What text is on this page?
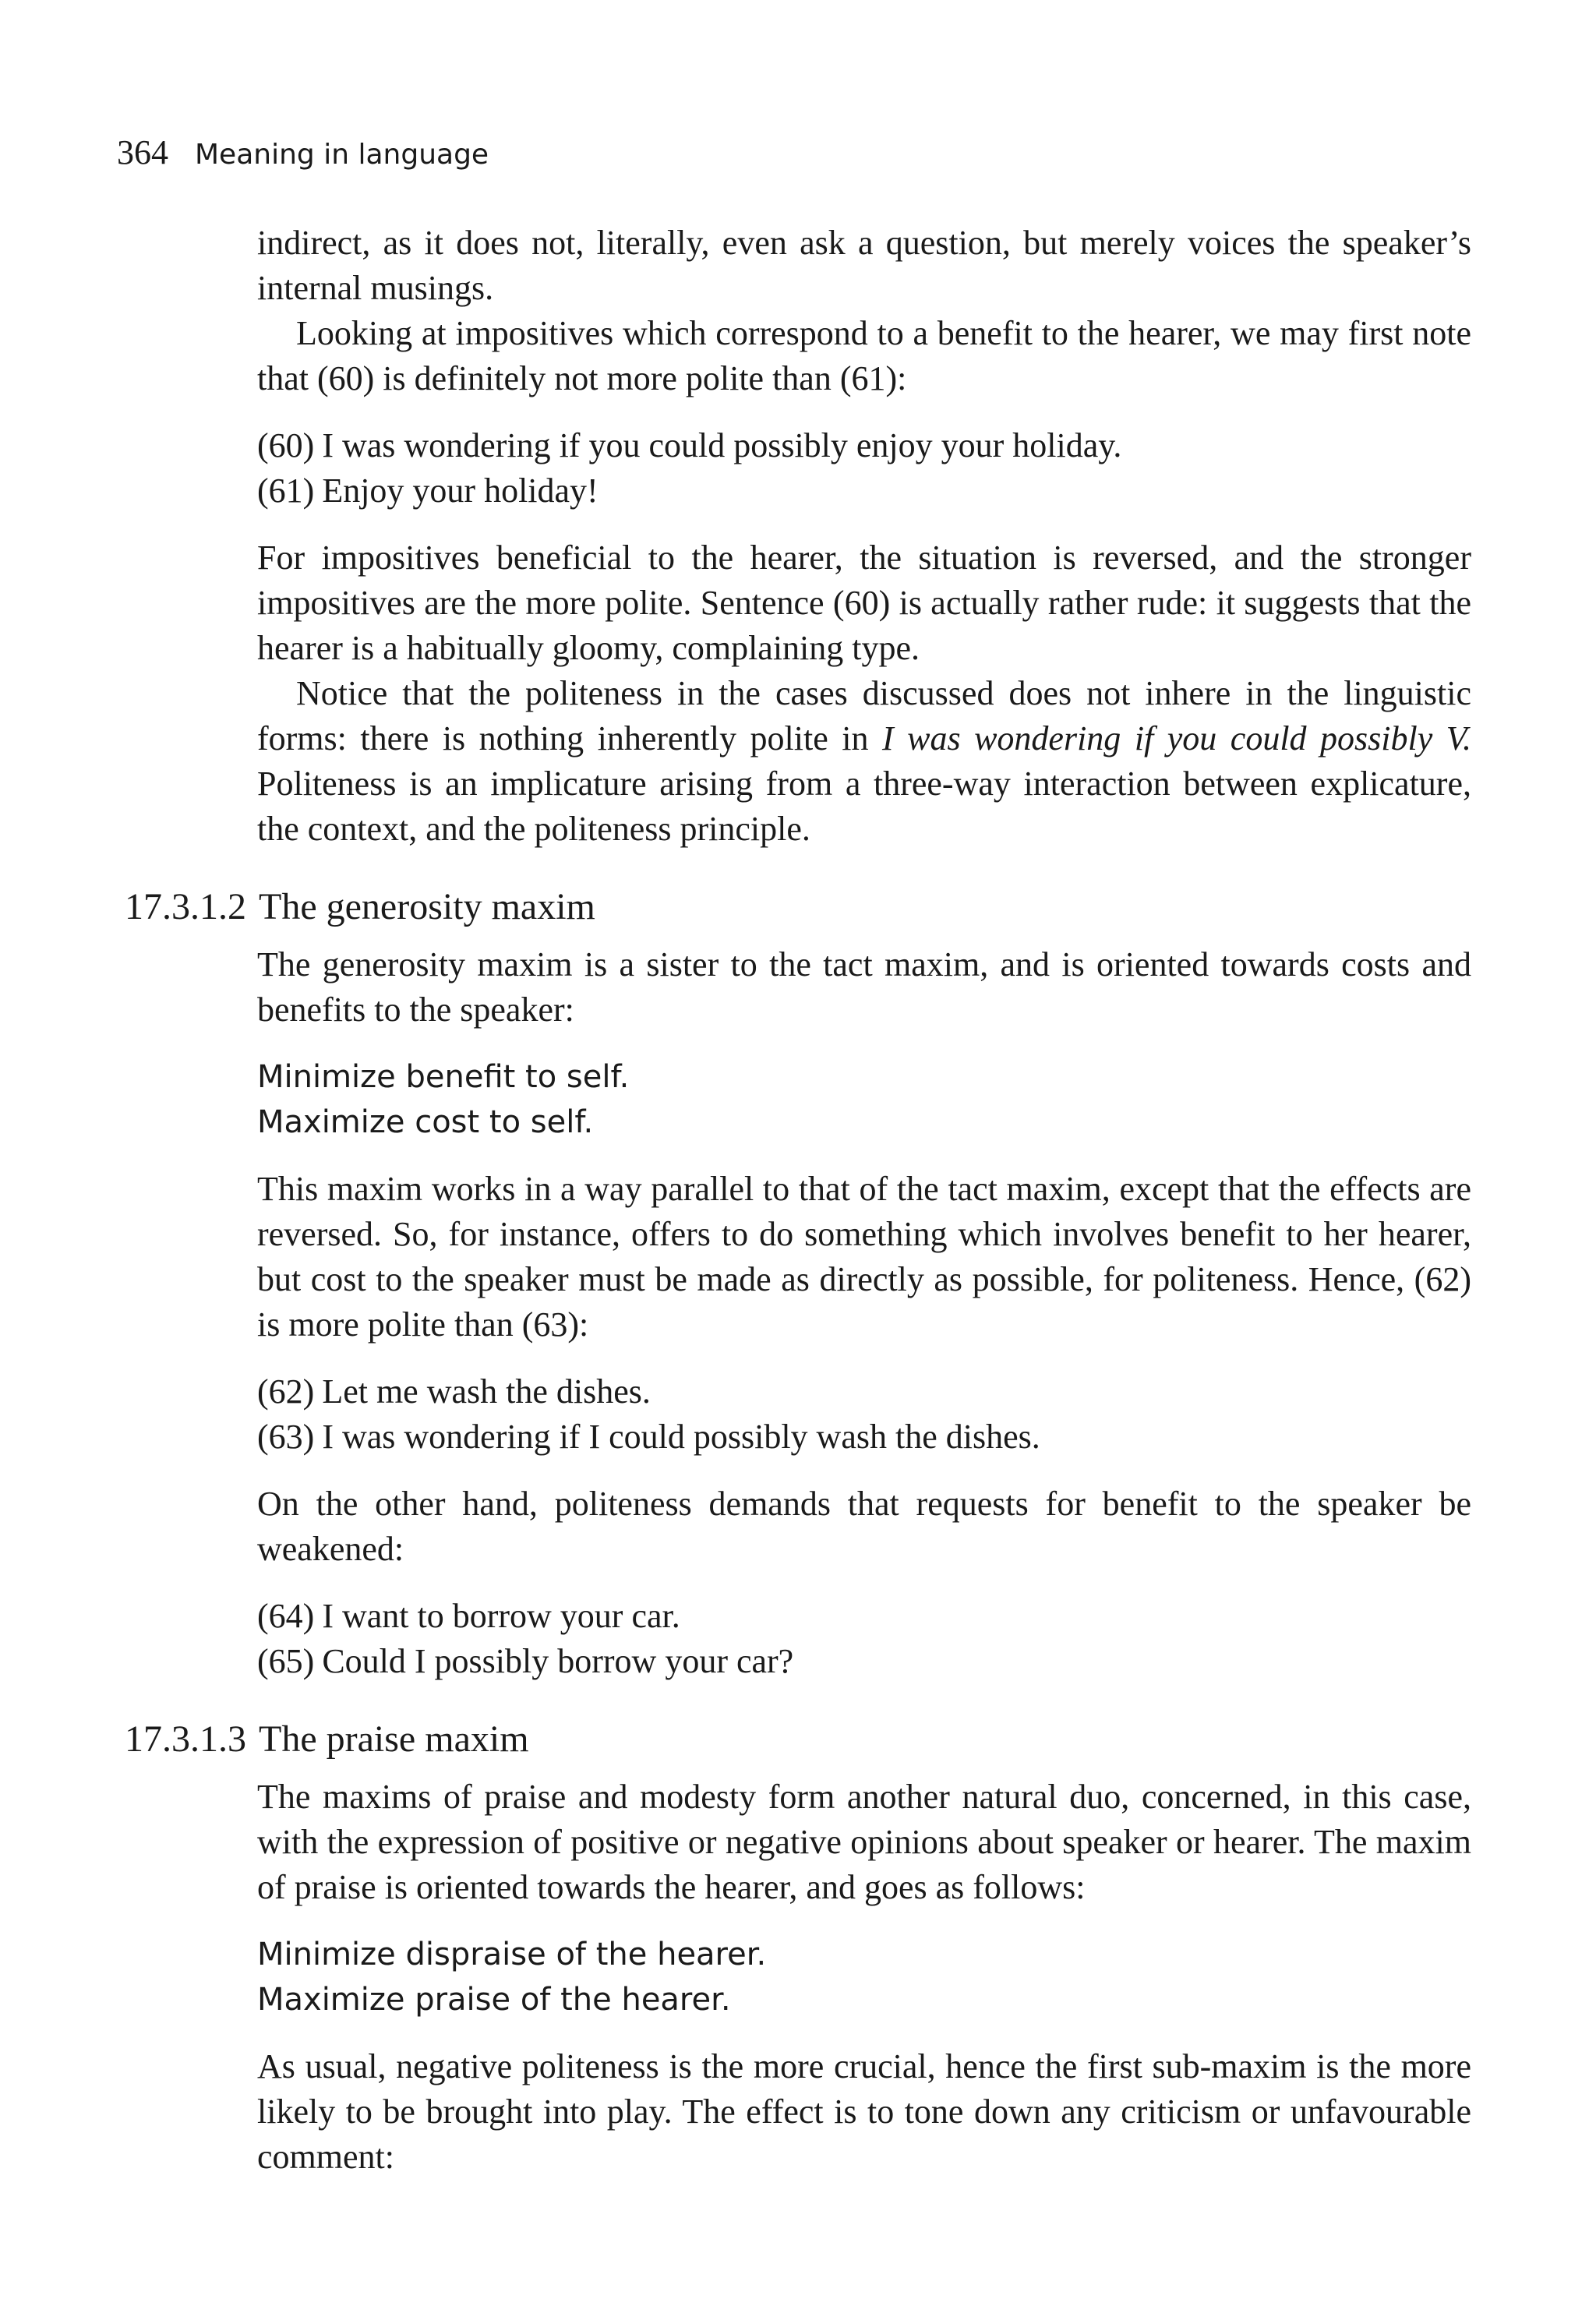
364 Meaning in language

indirect, as it does not, literally, even ask a question, but merely voices the speaker’s internal musings.

Looking at impositives which correspond to a benefit to the hearer, we may first note that (60) is definitely not more polite than (61):

(60) I was wondering if you could possibly enjoy your holiday.
(61) Enjoy your holiday!

For impositives beneficial to the hearer, the situation is reversed, and the stronger impositives are the more polite. Sentence (60) is actually rather rude: it suggests that the hearer is a habitually gloomy, complaining type.

Notice that the politeness in the cases discussed does not inhere in the linguistic forms: there is nothing inherently polite in I was wondering if you could possibly V. Politeness is an implicature arising from a three-way interaction between explicature, the context, and the politeness principle.

17.3.1.2 The generosity maxim

The generosity maxim is a sister to the tact maxim, and is oriented towards costs and benefits to the speaker:

Minimize benefit to self.
Maximize cost to self.

This maxim works in a way parallel to that of the tact maxim, except that the effects are reversed. So, for instance, offers to do something which involves benefit to her hearer, but cost to the speaker must be made as directly as possible, for politeness. Hence, (62) is more polite than (63):

(62) Let me wash the dishes.
(63) I was wondering if I could possibly wash the dishes.

On the other hand, politeness demands that requests for benefit to the speaker be weakened:

(64) I want to borrow your car.
(65) Could I possibly borrow your car?
17.3.1.3 The praise maxim

The maxims of praise and modesty form another natural duo, concerned, in this case, with the expression of positive or negative opinions about speaker or hearer. The maxim of praise is oriented towards the hearer, and goes as follows:

Minimize dispraise of the hearer.
Maximize praise of the hearer.

As usual, negative politeness is the more crucial, hence the first sub-maxim is the more likely to be brought into play. The effect is to tone down any criticism or unfavourable comment:
